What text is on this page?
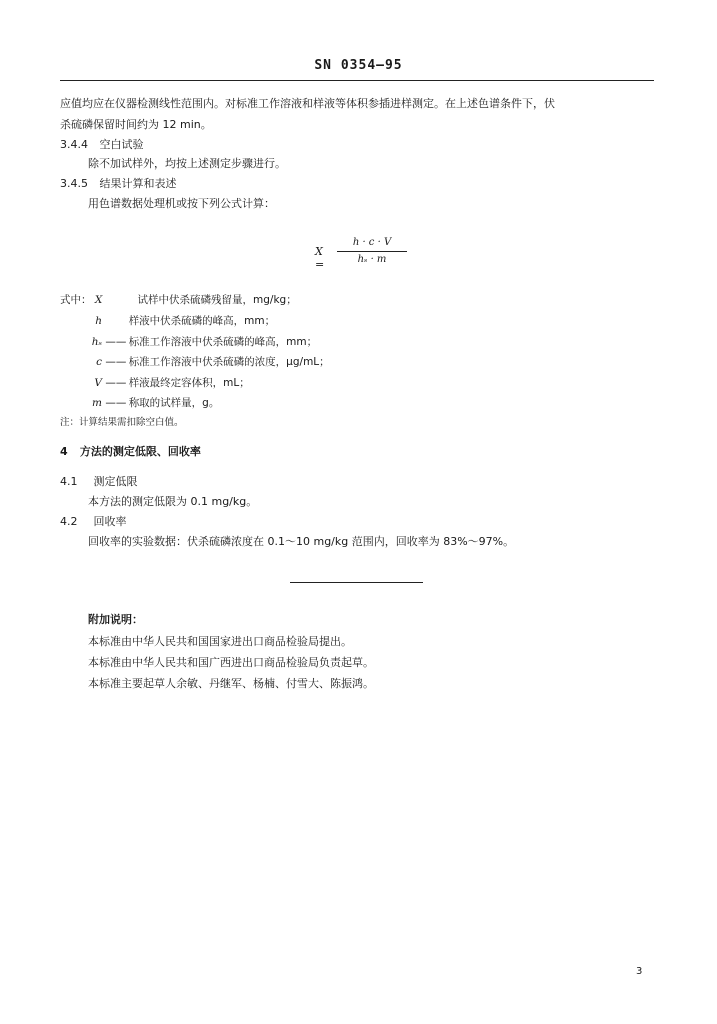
SN 0354—95
应值均应在仪器检测线性范围内。对标准工作溶液和样液等体积参插进样测定。在上述色谱条件下，伏
杀硫磷保留时间约为 12 min。
3.4.4 空白试验
除不加试样外，均按上述测定步骤进行。
3.4.5 结果计算和表述
用色谱数据处理机或按下列公式计算：
X =
h · c · V
hₛ · m
式中： X	试样中伏杀硫磷残留量，mg/kg；
h	样液中伏杀硫磷的峰高，mm；
hₛ —— 标准工作溶液中伏杀硫磷的峰高，mm；
c —— 标准工作溶液中伏杀硫磷的浓度，μg/mL；
V —— 样液最终定容体积，mL；
m —— 称取的试样量，g。
注：计算结果需扣除空白值。
4 方法的测定低限、回收率
4.1 测定低限
本方法的测定低限为 0.1 mg/kg。
4.2 回收率
回收率的实验数据：伏杀硫磷浓度在 0.1～10 mg/kg 范围内，回收率为 83%～97%。
附加说明：
本标准由中华人民共和国国家进出口商品检验局提出。
本标准由中华人民共和国广西进出口商品检验局负责起草。
本标准主要起草人余敏、丹继军、杨楠、付雪大、陈振鸿。
3
